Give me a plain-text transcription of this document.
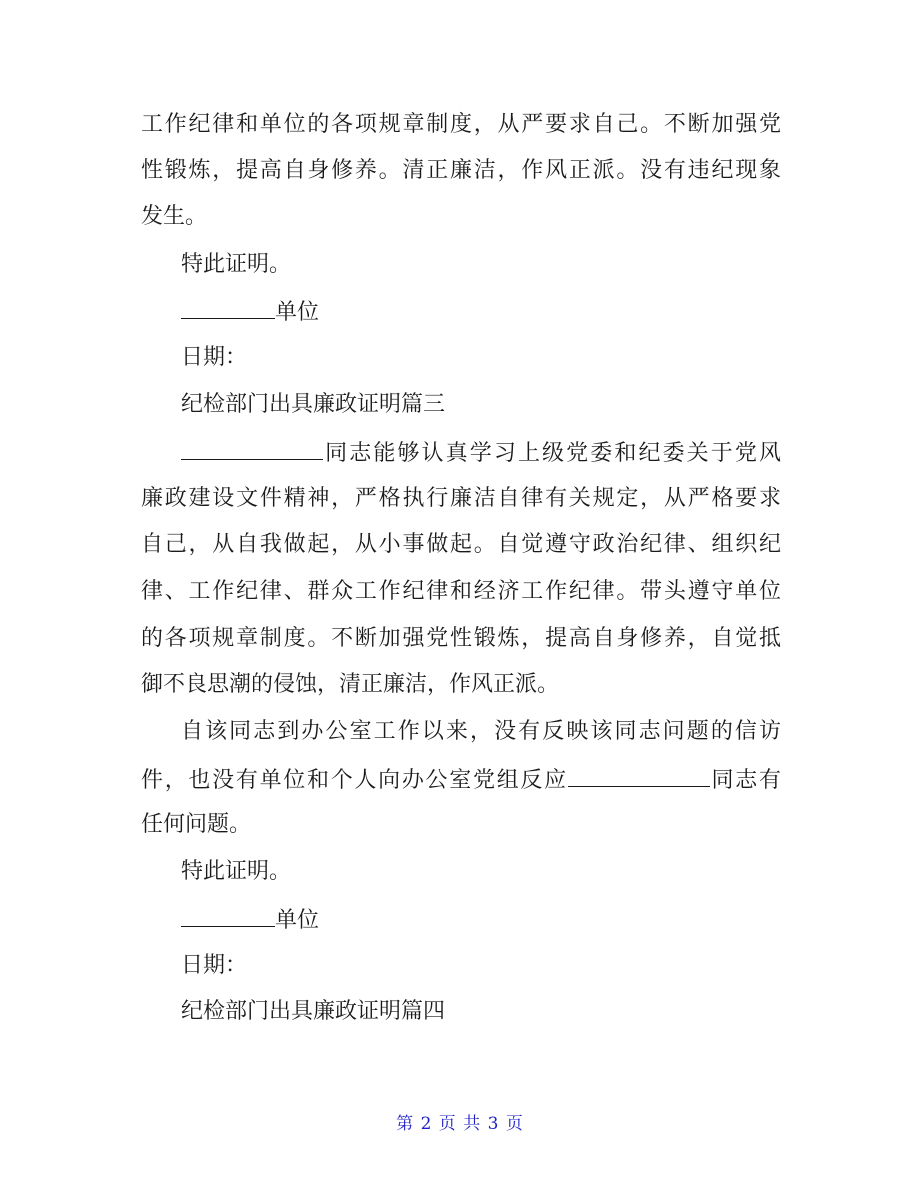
工作纪律和单位的各项规章制度，从严要求自己。不断加强党
性锻炼，提高自身修养。清正廉洁，作风正派。没有违纪现象
发生。
特此证明。
单位
日期：
纪检部门出具廉政证明篇三
同志能够认真学习上级党委和纪委关于党风
廉政建设文件精神，严格执行廉洁自律有关规定，从严格要求
自己，从自我做起，从小事做起。自觉遵守政治纪律、组织纪
律、工作纪律、群众工作纪律和经济工作纪律。带头遵守单位
的各项规章制度。不断加强党性锻炼，提高自身修养，自觉抵
御不良思潮的侵蚀，清正廉洁，作风正派。
自该同志到办公室工作以来，没有反映该同志问题的信访
件，也没有单位和个人向办公室党组反应	同志有
任何问题。
特此证明。
单位
日期：
纪检部门出具廉政证明篇四
第 2 页 共 3 页
